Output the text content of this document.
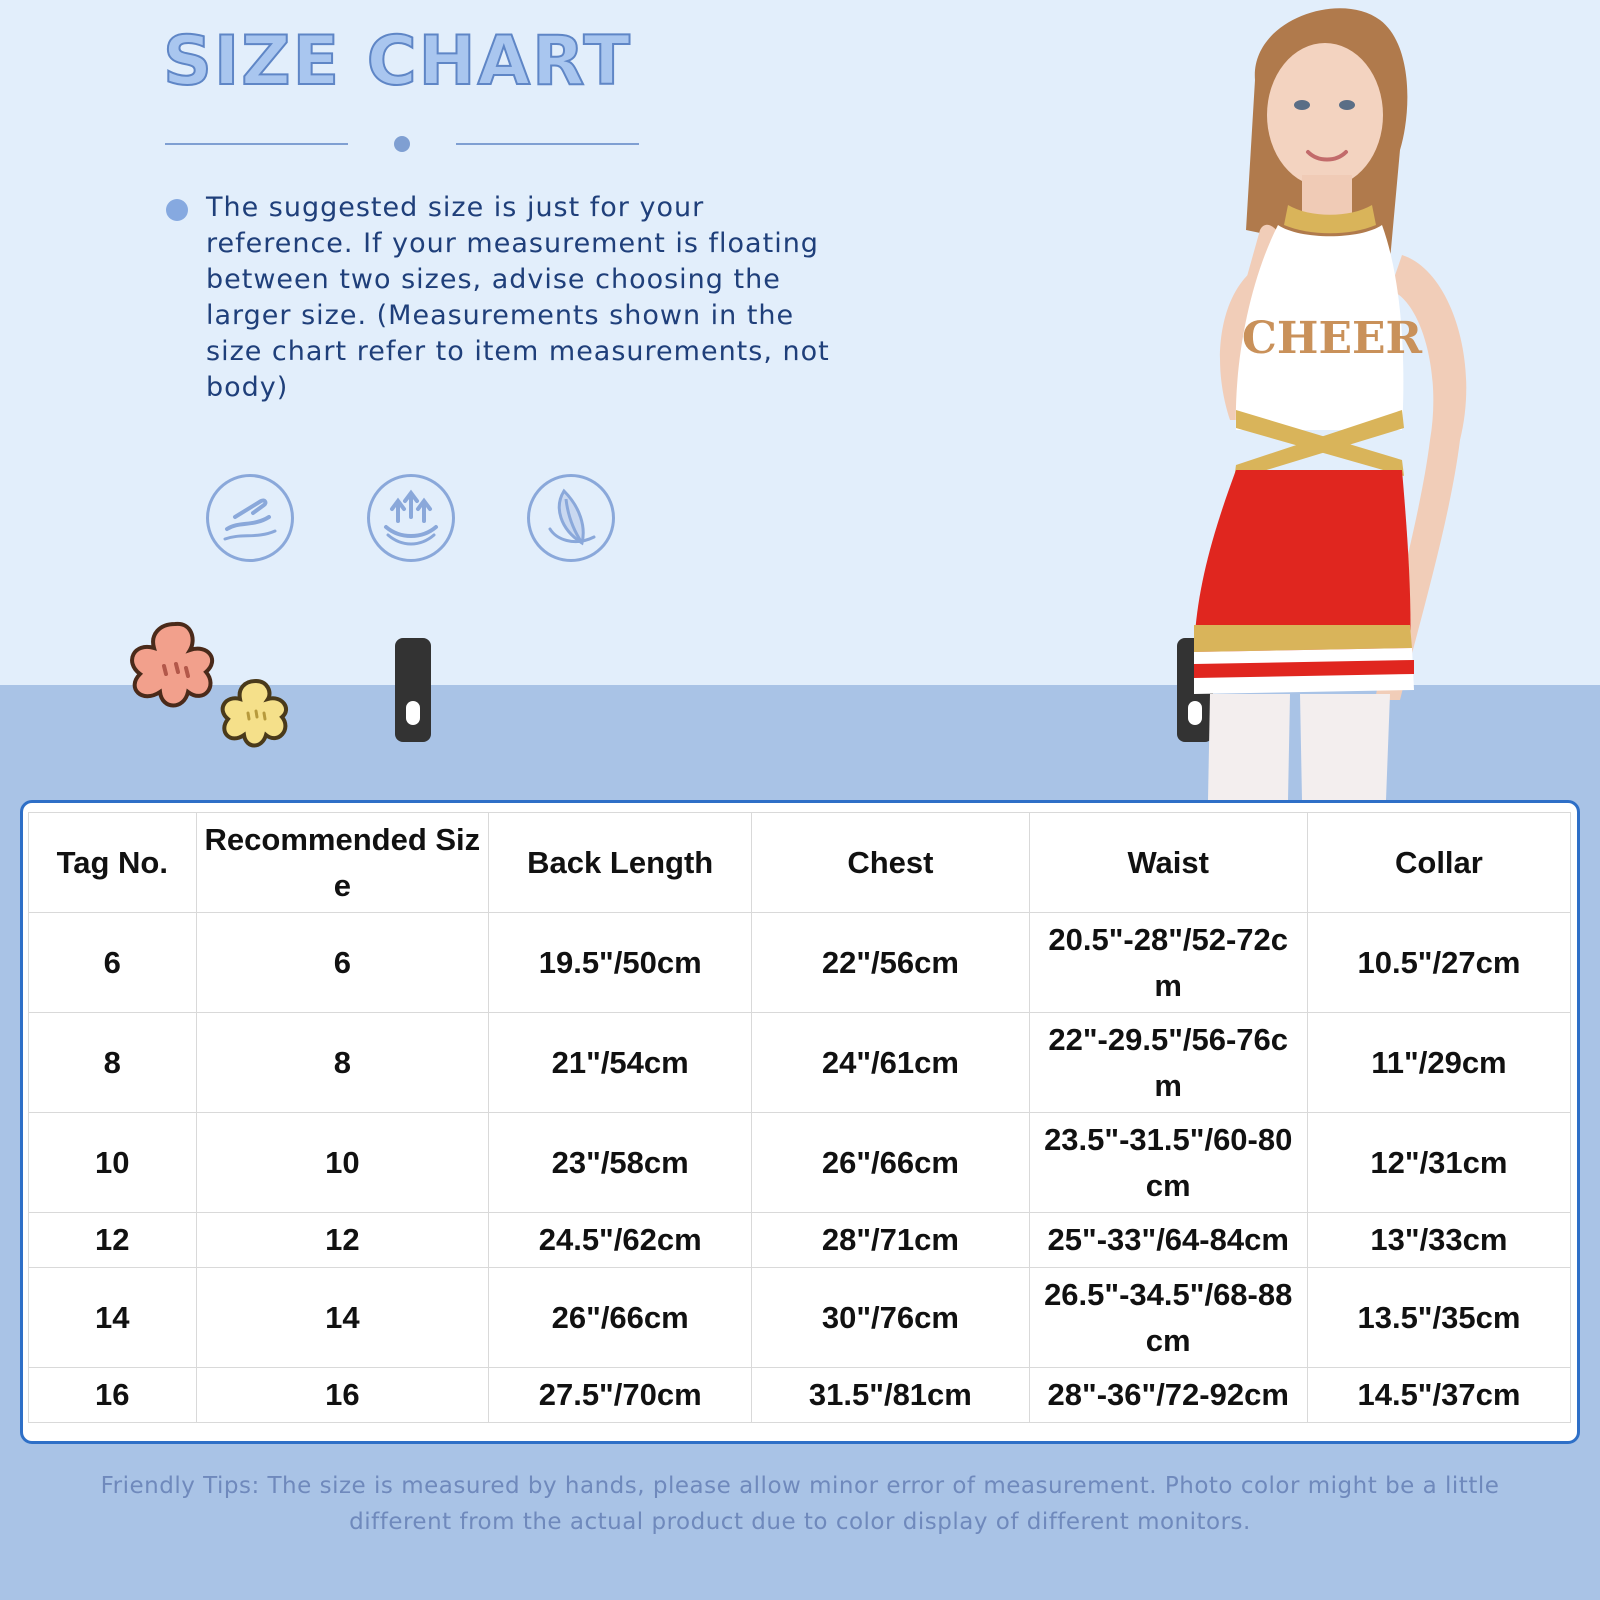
SIZE CHART

The suggested size is just for your reference. If your measurement is floating between two sizes, advise choosing the larger size. (Measurements shown in the size chart refer to item measurements, not body)

CHEER
Tag No.	Recommended Size	Back Length	Chest	Waist	Collar
6	6	19.5"/50cm	22"/56cm	20.5"-28"/52-72cm	10.5"/27cm
8	8	21"/54cm	24"/61cm	22"-29.5"/56-76cm	11"/29cm
10	10	23"/58cm	26"/66cm	23.5"-31.5"/60-80cm	12"/31cm
12	12	24.5"/62cm	28"/71cm	25"-33"/64-84cm	13"/33cm
14	14	26"/66cm	30"/76cm	26.5"-34.5"/68-88cm	13.5"/35cm
16	16	27.5"/70cm	31.5"/81cm	28"-36"/72-92cm	14.5"/37cm

Friendly Tips: The size is measured by hands, please allow minor error of measurement. Photo color might be a little different from the actual product due to color display of different monitors.
